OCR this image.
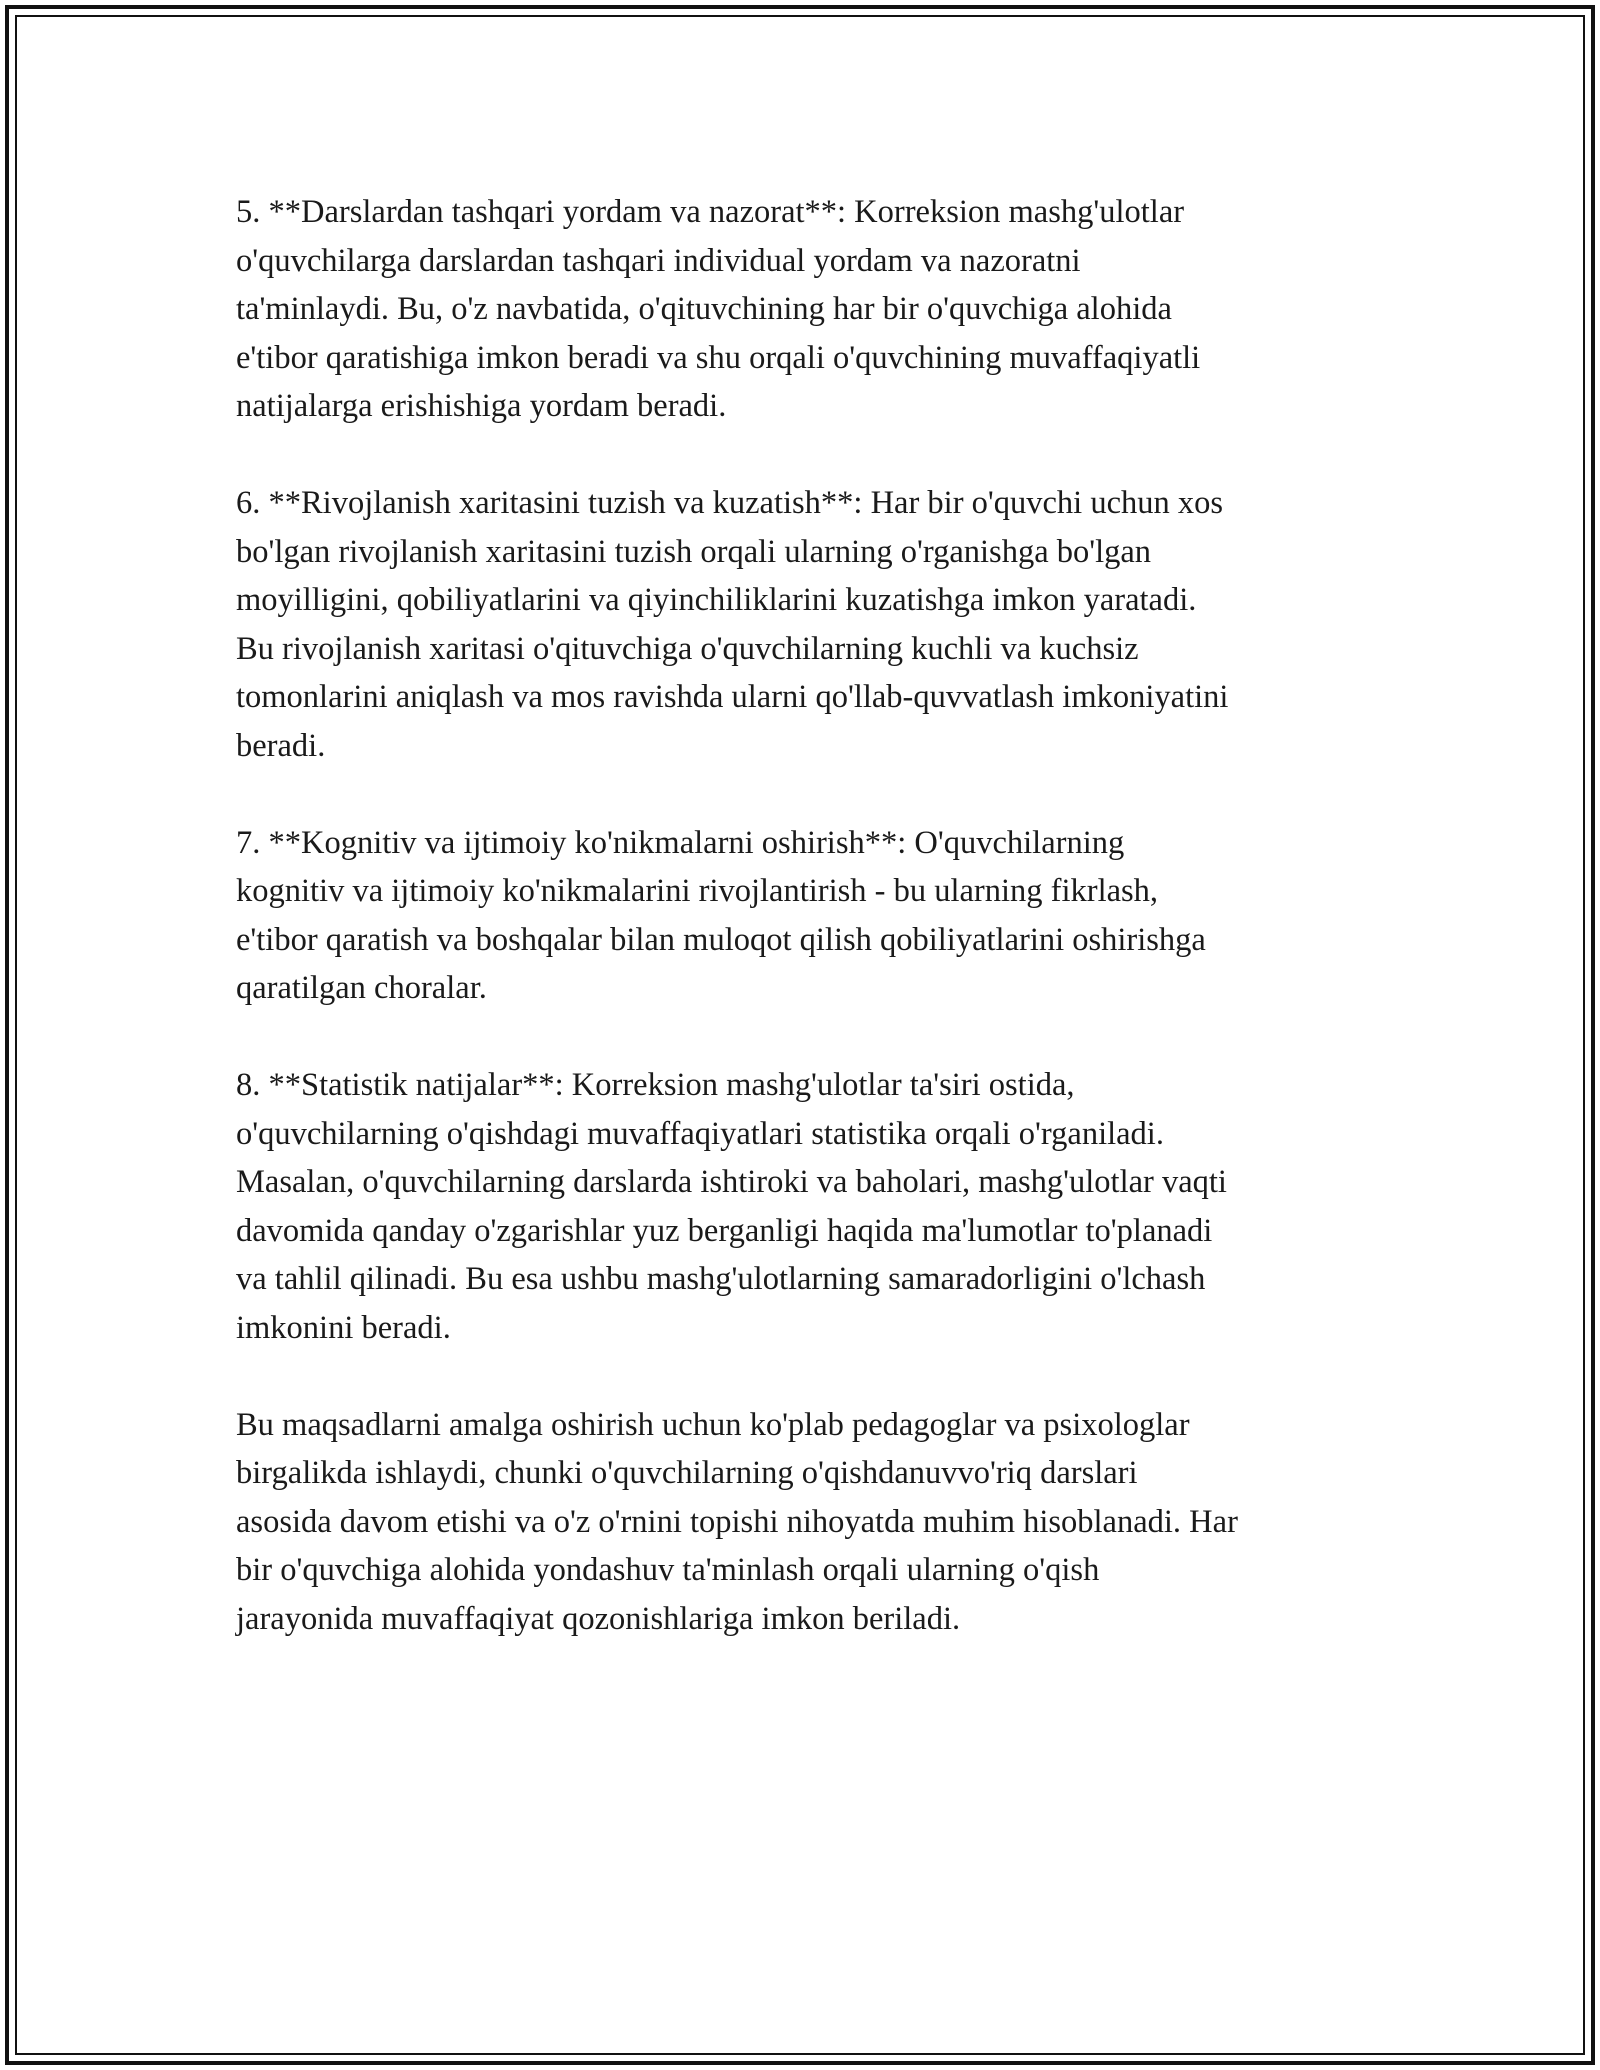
5. **Darslardan tashqari yordam va nazorat**: Korreksion mashg'ulotlar
o'quvchilarga darslardan tashqari individual yordam va nazoratni
ta'minlaydi. Bu, o'z navbatida, o'qituvchining har bir o'quvchiga alohida
e'tibor qaratishiga imkon beradi va shu orqali o'quvchining muvaffaqiyatli
natijalarga erishishiga yordam beradi.

6. **Rivojlanish xaritasini tuzish va kuzatish**: Har bir o'quvchi uchun xos
bo'lgan rivojlanish xaritasini tuzish orqali ularning o'rganishga bo'lgan
moyilligini, qobiliyatlarini va qiyinchiliklarini kuzatishga imkon yaratadi.
Bu rivojlanish xaritasi o'qituvchiga o'quvchilarning kuchli va kuchsiz
tomonlarini aniqlash va mos ravishda ularni qo'llab-quvvatlash imkoniyatini
beradi.

7. **Kognitiv va ijtimoiy ko'nikmalarni oshirish**: O'quvchilarning
kognitiv va ijtimoiy ko'nikmalarini rivojlantirish - bu ularning fikrlash,
e'tibor qaratish va boshqalar bilan muloqot qilish qobiliyatlarini oshirishga
qaratilgan choralar.

8. **Statistik natijalar**: Korreksion mashg'ulotlar ta'siri ostida,
o'quvchilarning o'qishdagi muvaffaqiyatlari statistika orqali o'rganiladi.
Masalan, o'quvchilarning darslarda ishtiroki va baholari, mashg'ulotlar vaqti
davomida qanday o'zgarishlar yuz berganligi haqida ma'lumotlar to'planadi
va tahlil qilinadi. Bu esa ushbu mashg'ulotlarning samaradorligini o'lchash
imkonini beradi.

Bu maqsadlarni amalga oshirish uchun ko'plab pedagoglar va psixologlar
birgalikda ishlaydi, chunki o'quvchilarning o'qishdanuvvo'riq darslari
asosida davom etishi va o'z o'rnini topishi nihoyatda muhim hisoblanadi. Har
bir o'quvchiga alohida yondashuv ta'minlash orqali ularning o'qish
jarayonida muvaffaqiyat qozonishlariga imkon beriladi.
